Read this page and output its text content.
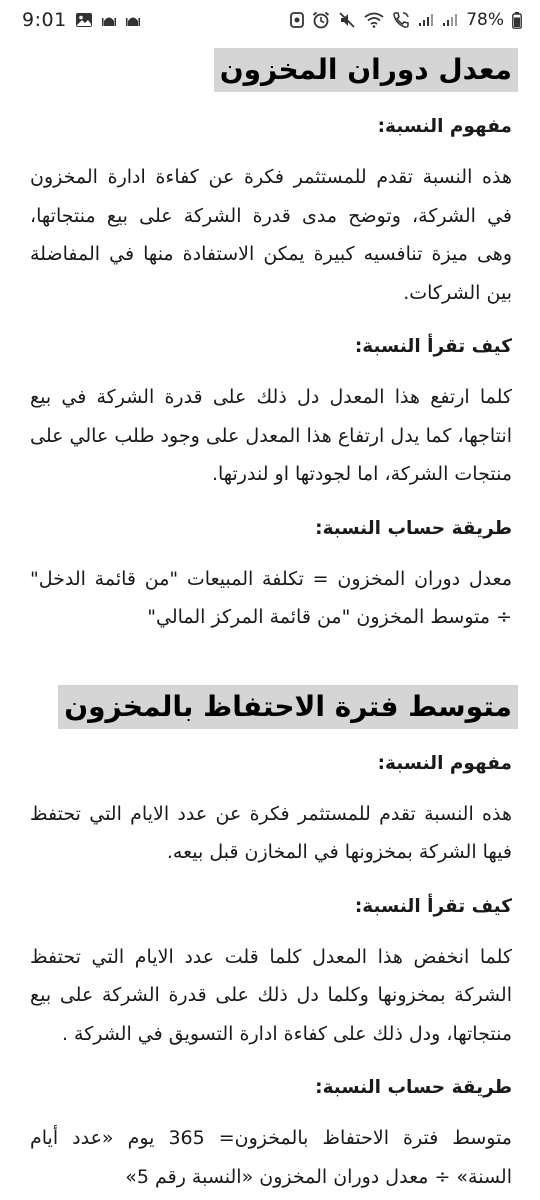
9:01	78%
معدل دوران المخزون
مفهوم النسبة:

هذه النسبة تقدم للمستثمر فكرة عن كفاءة ادارة المخزون في الشركة، وتوضح مدى قدرة الشركة على بيع منتجاتها، وهى ميزة تنافسيه كبيرة يمكن الاستفادة منها في المفاضلة بين الشركات.

كيف تقرأ النسبة:

كلما ارتفع هذا المعدل دل ذلك على قدرة الشركة في بيع انتاجها، كما يدل ارتفاع هذا المعدل على وجود طلب عالي على منتجات الشركة، اما لجودتها او لندرتها.

طريقة حساب النسبة:

معدل دوران المخزون = تكلفة المبيعات "من قائمة الدخل" ÷ متوسط المخزون "من قائمة المركز المالي"

متوسط فترة الاحتفاظ بالمخزون
مفهوم النسبة:

هذه النسبة تقدم للمستثمر فكرة عن عدد الايام التي تحتفظ فيها الشركة بمخزونها في المخازن قبل بيعه.

كيف تقرأ النسبة:

كلما انخفض هذا المعدل كلما قلت عدد الايام التي تحتفظ الشركة بمخزونها وكلما دل ذلك على قدرة الشركة على بيع منتجاتها، ودل ذلك على كفاءة ادارة التسويق في الشركة .

طريقة حساب النسبة:

متوسط فترة الاحتفاظ بالمخزون= 365 يوم «عدد أيام السنة» ÷ معدل دوران المخزون «النسبة رقم 5»
